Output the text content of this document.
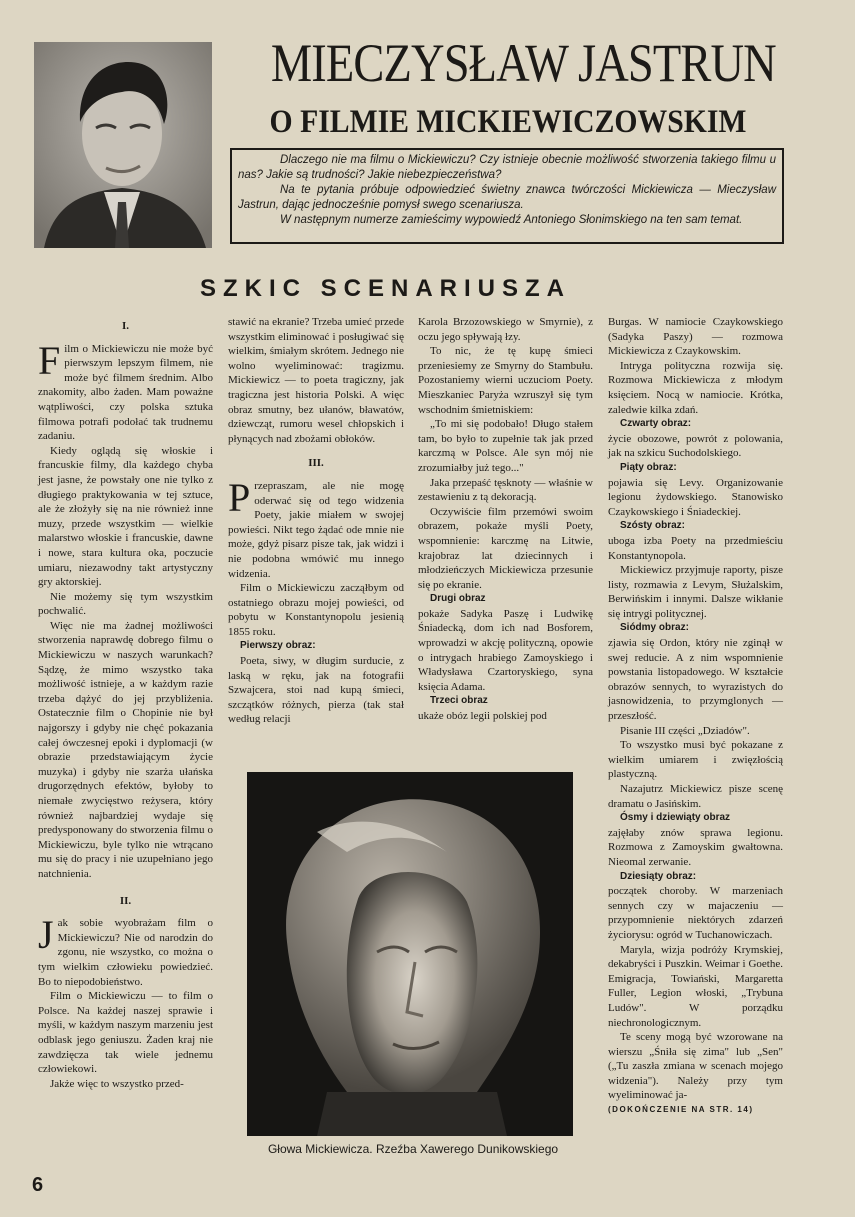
MIECZYSŁAW JASTRUN
O FILMIE MICKIEWICZOWSKIM

Dlaczego nie ma filmu o Mickiewiczu? Czy istnieje obecnie możliwość stworzenia takiego filmu u nas? Jakie są trudności? Jakie niebezpieczeństwa?

Na te pytania próbuje odpowiedzieć świetny znawca twórczości Mickiewicza — Mieczysław Jastrun, dając jednocześnie pomysł swego scenariusza.

W następnym numerze zamieścimy wypowiedź Antoniego Słonimskiego na ten sam temat.

SZKIC SCENARIUSZA

I.

Film o Mickiewiczu nie może być pierwszym lepszym filmem, nie może być filmem średnim. Albo znakomity, albo żaden. Mam poważne wątpliwości, czy polska sztuka filmowa potrafi podołać tak trudnemu zadaniu.

Kiedy oglądą się włoskie i francuskie filmy, dla każdego chyba jest jasne, że powstały one nie tylko z długiego praktykowania w tej sztuce, ale że złożyły się na nie również inne muzy, przede wszystkim — wielkie malarstwo włoskie i francuskie, dawne i nowe, stara kultura oka, poczucie umiaru, niezawodny takt artystyczny gry aktorskiej.

Nie możemy się tym wszystkim pochwalić.

Więc nie ma żadnej możliwości stworzenia naprawdę dobrego filmu o Mickiewiczu w naszych warunkach? Sądzę, że mimo wszystko taka możliwość istnieje, a w każdym razie trzeba dążyć do jej przybliżenia. Ostatecznie film o Chopinie nie był najgorszy i gdyby nie chęć pokazania całej ówczesnej epoki i dyplomacji (w obrazie przedstawiającym życie muzyka) i gdyby nie szarża ułańska drugorzędnych efektów, byłoby to niemałe zwycięstwo reżysera, który również najbardziej wydaje się predysponowany do stworzenia filmu o Mickiewiczu, byle tylko nie wtrącano mu się do pracy i nie uzupełniano jego natchnienia.

II.

Jak sobie wyobrażam film o Mickiewiczu? Nie od narodzin do zgonu, nie wszystko, co można o tym wielkim człowieku powiedzieć. Bo to niepodobieństwo.

Film o Mickiewiczu — to film o Polsce. Na każdej naszej sprawie i myśli, w każdym naszym marzeniu jest odblask jego geniuszu. Żaden kraj nie zawdzięcza tak wiele jednemu człowiekowi.

Jakże więc to wszystko przed-

stawić na ekranie? Trzeba umieć przede wszystkim eliminować i posługiwać się wielkim, śmiałym skrótem. Jednego nie wolno wyeliminować: tragizmu. Mickiewicz — to poeta tragiczny, jak tragiczna jest historia Polski. A więc obraz smutny, bez ułanów, bławatów, dziewcząt, rumoru wesel chłopskich i płynących nad zbożami obłoków.

III.

Przepraszam, ale nie mogę oderwać się od tego widzenia Poety, jakie miałem w swojej powieści. Nikt tego żądać ode mnie nie może, gdyż pisarz pisze tak, jak widzi i nie podobna wmówić mu innego widzenia.

Film o Mickiewiczu zacząłbym od ostatniego obrazu mojej powieści, od pobytu w Konstantynopolu jesienią 1855 roku.

Pierwszy obraz:

Poeta, siwy, w długim surducie, z laską w ręku, jak na fotografii Szwajcera, stoi nad kupą śmieci, szczątków różnych, pierza (tak stał według relacji

Karola Brzozowskiego w Smyrnie), z oczu jego spływają łzy.

To nic, że tę kupę śmieci przeniesiemy ze Smyrny do Stambułu. Pozostaniemy wierni uczuciom Poety. Mieszkaniec Paryża wzruszył się tym wschodnim śmietniskiem:

„To mi się podobało! Długo stałem tam, bo było to zupełnie tak jak przed karczmą w Polsce. Ale syn mój nie zrozumiałby już tego..."

Jaka przepaść tęsknoty — właśnie w zestawieniu z tą dekoracją.

Oczywiście film przemówi swoim obrazem, pokaże myśli Poety, wspomnienie: karczmę na Litwie, krajobraz lat dziecinnych i młodzieńczych Mickiewicza przesunie się po ekranie.

Drugi obraz

pokaże Sadyka Paszę i Ludwikę Śniadecką, dom ich nad Bosforem, wprowadzi w akcję polityczną, opowie o intrygach hrabiego Zamoyskiego i Władysława Czartoryskiego, syna księcia Adama.

Trzeci obraz

ukaże obóz legii polskiej pod

Burgas. W namiocie Czaykowskiego (Sadyka Paszy) — rozmowa Mickiewicza z Czaykowskim.

Intryga polityczna rozwija się. Rozmowa Mickiewicza z młodym księciem. Nocą w namiocie. Krótka, zaledwie kilka zdań.

Czwarty obraz:

życie obozowe, powrót z polowania, jak na szkicu Suchodolskiego.

Piąty obraz:

pojawia się Levy. Organizowanie legionu żydowskiego. Stanowisko Czaykowskiego i Śniadeckiej.

Szósty obraz:

uboga izba Poety na przedmieściu Konstantynopola.

Mickiewicz przyjmuje raporty, pisze listy, rozmawia z Levym, Służalskim, Berwińskim i innymi. Dalsze wikłanie się intrygi politycznej.

Siódmy obraz:

zjawia się Ordon, który nie zginął w swej reducie. A z nim wspomnienie powstania listopadowego. W kształcie obrazów sennych, to wyrazistych do jasnowidzenia, to przymglonych — przeszłość.

Pisanie III części „Dziadów".

To wszystko musi być pokazane z wielkim umiarem i zwięzłością plastyczną.

Nazajutrz Mickiewicz pisze scenę dramatu o Jasińskim.

Ósmy i dziewiąty obraz

zajęłaby znów sprawa legionu. Rozmowa z Zamoyskim gwałtowna. Nieomal zerwanie.

Dziesiąty obraz:

początek choroby. W marzeniach sennych czy w majaczeniu — przypomnienie niektórych zdarzeń życiorysu: ogród w Tuchanowiczach.

Maryla, wizja podróży Krymskiej, dekabryści i Puszkin. Weimar i Goethe. Emigracja, Towiański, Margaretta Fuller, Legion włoski, „Trybuna Ludów". W porządku niechronologicznym.

Te sceny mogą być wzorowane na wierszu „Śniła się zima" lub „Sen" („Tu zaszła zmiana w scenach mojego widzenia"). Należy przy tym wyeliminować ja-

(DOKOŃCZENIE NA STR. 14)

Głowa Mickiewicza. Rzeźba Xawerego Dunikowskiego
6
